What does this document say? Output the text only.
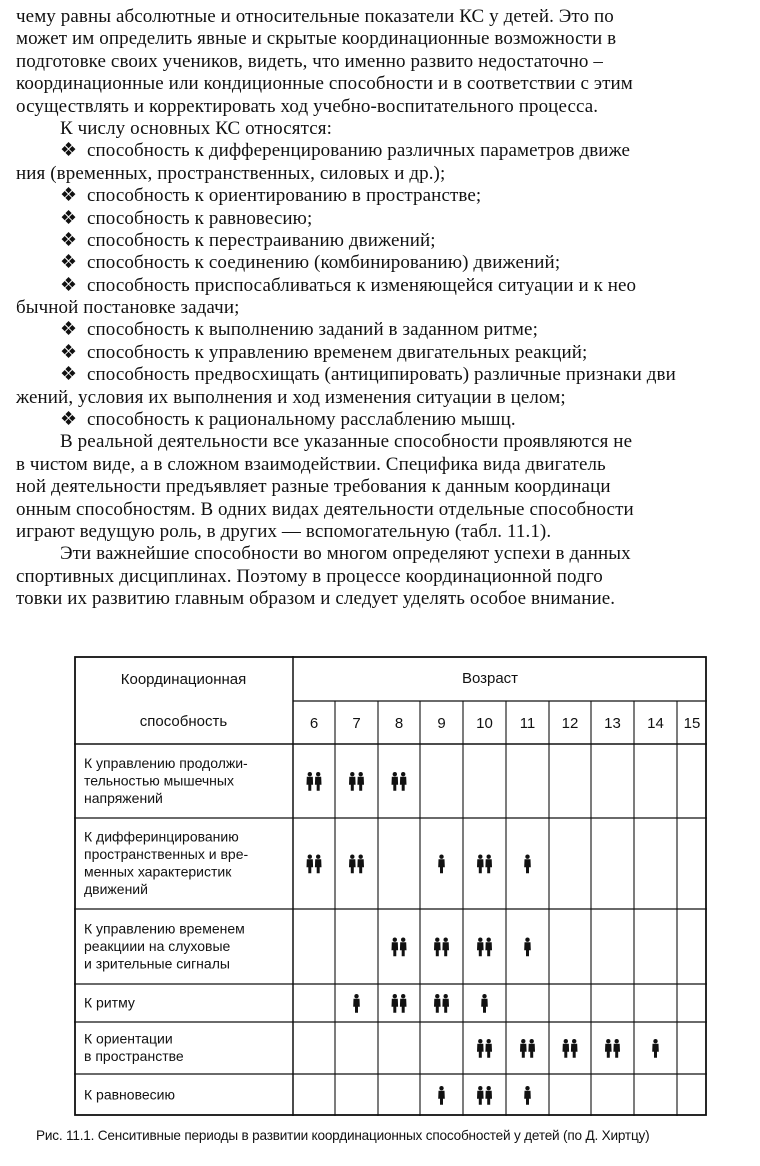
чему равны абсолютные и относительные показатели КС у детей. Это по
может им определить явные и скрытые координационные возможности в
подготовке своих учеников, видеть, что именно развито недостаточно –
координационные или кондиционные способности и в соответствии с этим
осуществлять и корректировать ход учебно-воспитательного процесса.
К числу основных КС относятся:
❖ способность к дифференцированию различных параметров движе
ния (временных, пространственных, силовых и др.);
❖ способность к ориентированию в пространстве;
❖ способность к равновесию;
❖ способность к перестраиванию движений;
❖ способность к соединению (комбинированию) движений;
❖ способность приспосабливаться к изменяющейся ситуации и к нео
бычной постановке задачи;
❖ способность к выполнению заданий в заданном ритме;
❖ способность к управлению временем двигательных реакций;
❖ способность предвосхищать (антиципировать) различные признаки дви
жений, условия их выполнения и ход изменения ситуации в целом;
❖ способность к рациональному расслаблению мышц.
В реальной деятельности все указанные способности проявляются не
в чистом виде, а в сложном взаимодействии. Специфика вида двигатель
ной деятельности предъявляет разные требования к данным координаци
онным способностям. В одних видах деятельности отдельные способности
играют ведущую роль, в других — вспомогательную (табл. 11.1).
Эти важнейшие способности во многом определяют успехи в данных
спортивных дисциплинах. Поэтому в процессе координационной подго
товки их развитию главным образом и следует уделять особое внимание.
Координационная
способность
Возраст
6 7 8 9 10 11 12 13 14 15
К управлению продолжи-
тельностью мышечных
напряжений
К дифферинцированию
пространственных и вре-
менных характеристик
движений
К управлению временем
реакциии на слуховые
и зрительные сигналы
К ритму
К ориентации
в пространстве
К равновесию
Рис. 11.1. Сенситивные периоды в развитии координационных способностей у детей (по Д. Хиртцу)
